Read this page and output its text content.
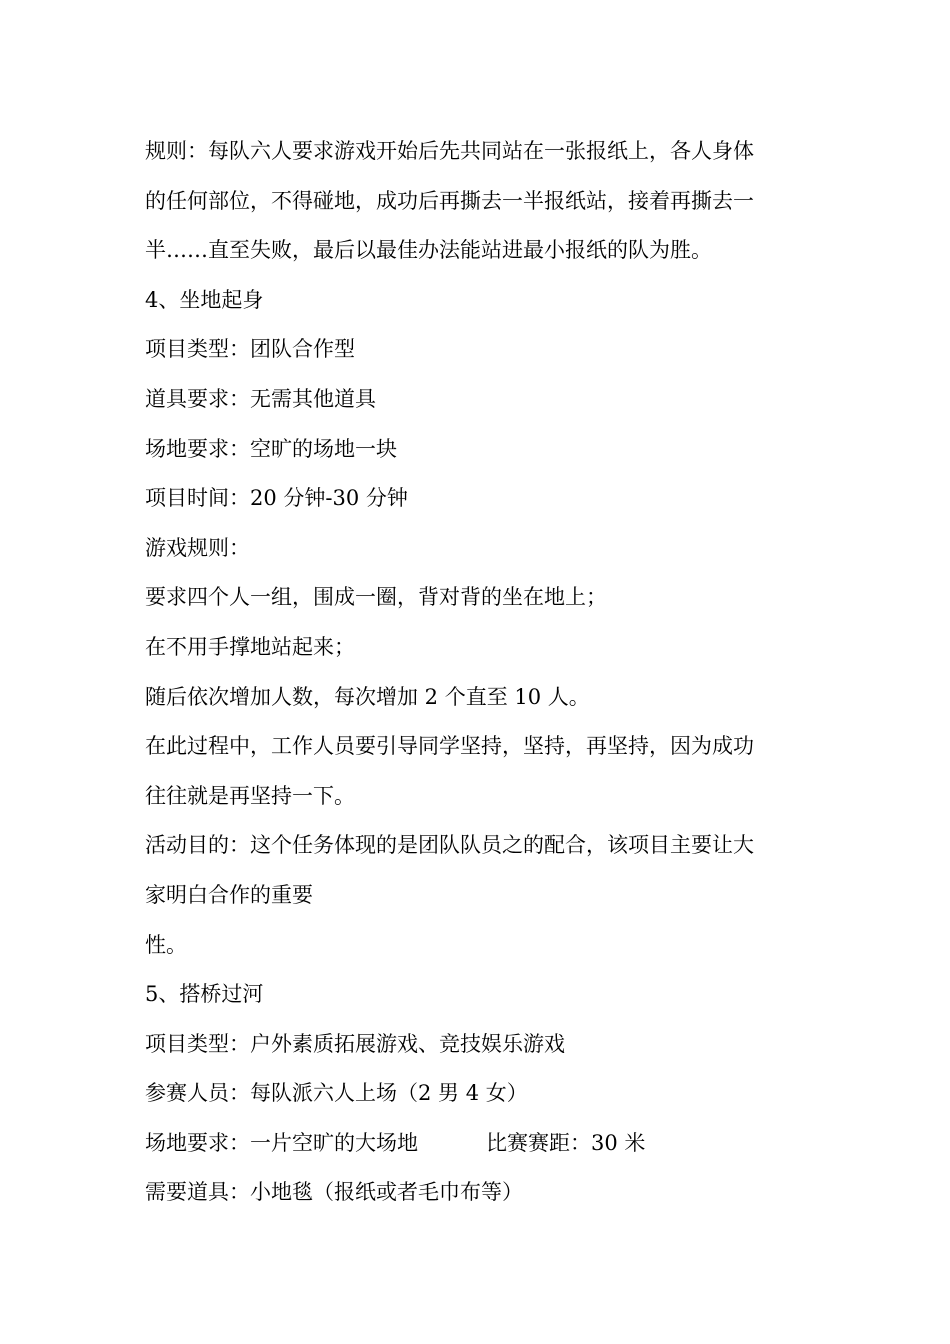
规则：每队六人要求游戏开始后先共同站在一张报纸上，各人身体
的任何部位，不得碰地，成功后再撕去一半报纸站，接着再撕去一
半……直至失败，最后以最佳办法能站进最小报纸的队为胜。
4、坐地起身
项目类型：团队合作型
道具要求：无需其他道具
场地要求：空旷的场地一块
项目时间：20 分钟-30 分钟
游戏规则：
要求四个人一组，围成一圈，背对背的坐在地上；
在不用手撑地站起来；
随后依次增加人数，每次增加 2 个直至 10 人。
在此过程中，工作人员要引导同学坚持，坚持，再坚持，因为成功
往往就是再坚持一下。
活动目的：这个任务体现的是团队队员之的配合，该项目主要让大
家明白合作的重要
性。
5、搭桥过河
项目类型：户外素质拓展游戏、竞技娱乐游戏
参赛人员：每队派六人上场（2 男 4 女）
场地要求：一片空旷的大场地	比赛赛距：30 米
需要道具：小地毯（报纸或者毛巾布等）
